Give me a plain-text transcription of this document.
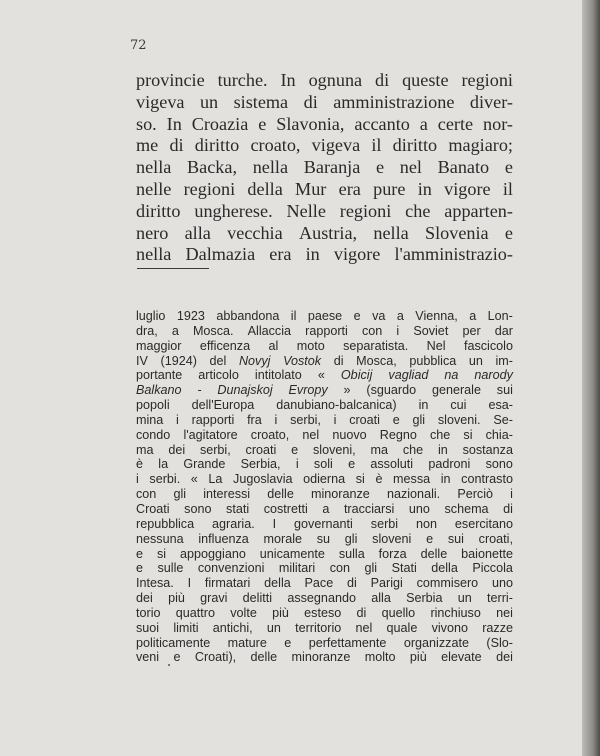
72
provincie turche. In ognuna di queste regioni
vigeva un sistema di amministrazione diver-
so. In Croazia e Slavonia, accanto a certe nor-
me di diritto croato, vigeva il diritto magiaro;
nella Backa, nella Baranja e nel Banato e
nelle regioni della Mur era pure in vigore il
diritto ungherese. Nelle regioni che apparten-
nero alla vecchia Austria, nella Slovenia e
nella Dalmazia era in vigore l'amministrazio-
luglio 1923 abbandona il paese e va a Vienna, a Lon-
dra, a Mosca. Allaccia rapporti con i Soviet per dar
maggior efficenza al moto separatista. Nel fascicolo
IV (1924) del Novyj Vostok di Mosca, pubblica un im-
portante articolo intitolato « Obicij vagliad na narody
Balkano - Dunajskoj Evropy » (sguardo generale sui
popoli dell'Europa danubiano-balcanica) in cui esa-
mina i rapporti fra i serbi, i croati e gli sloveni. Se-
condo l'agitatore croato, nel nuovo Regno che si chia-
ma dei serbi, croati e sloveni, ma che in sostanza
è la Grande Serbia, i soli e assoluti padroni sono
i serbi. « La Jugoslavia odierna si è messa in contrasto
con gli interessi delle minoranze nazionali. Perciò i
Croati sono stati costretti a tracciarsi uno schema di
repubblica agraria. I governanti serbi non esercitano
nessuna influenza morale su gli sloveni e sui croati,
e si appoggiano unicamente sulla forza delle baionette
e sulle convenzioni militari con gli Stati della Piccola
Intesa. I firmatari della Pace di Parigi commisero uno
dei più gravi delitti assegnando alla Serbia un terri-
torio quattro volte più esteso di quello rinchiuso nei
suoi limiti antichi, un territorio nel quale vivono razze
politicamente mature e perfettamente organizzate (Slo-
veni e Croati), delle minoranze molto più elevate dei
